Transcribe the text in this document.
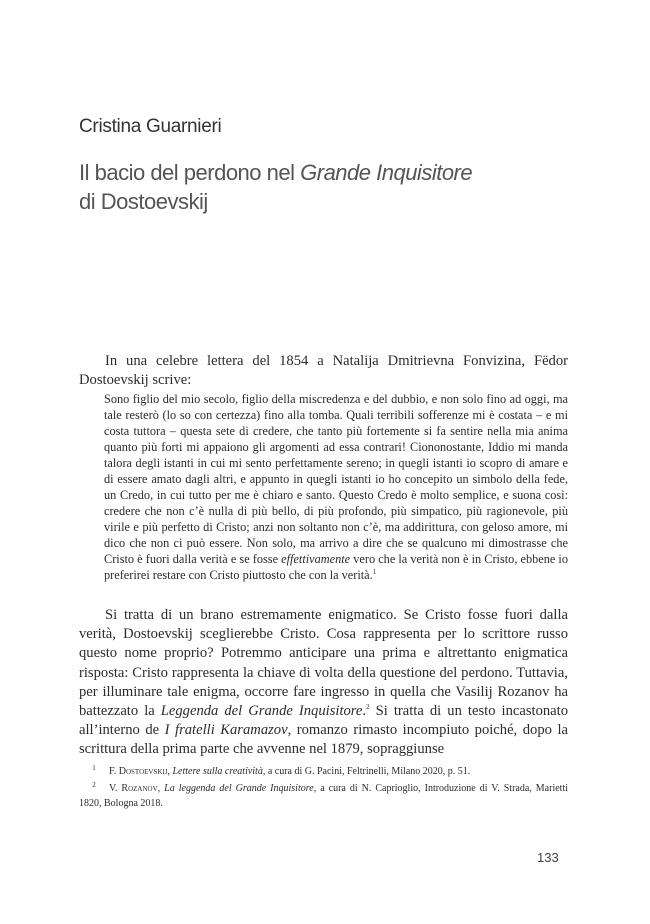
Cristina Guarnieri
Il bacio del perdono nel Grande Inquisitore
di Dostoevskij

In una celebre lettera del 1854 a Natalija Dmitrievna Fonvizina, Fëdor Dostoevskij scrive:

Sono figlio del mio secolo, figlio della miscredenza e del dubbio, e non solo fino ad oggi, ma tale resterò (lo so con certezza) fino alla tomba. Quali terribili sofferenze mi è costata – e mi costa tuttora – questa sete di credere, che tanto più fortemente si fa sentire nella mia anima quanto più forti mi appaiono gli argomenti ad essa contrari! Ciononostante, Iddio mi manda talora degli istanti in cui mi sento perfettamente sereno; in quegli istanti io scopro di amare e di essere amato dagli altri, e appunto in quegli istanti io ho concepito un simbolo della fede, un Credo, in cui tutto per me è chiaro e santo. Questo Credo è molto semplice, e suona così: credere che non c’è nulla di più bello, di più profondo, più simpatico, più ragionevole, più virile e più perfetto di Cristo; anzi non soltanto non c’è, ma addirittura, con geloso amore, mi dico che non ci può essere. Non solo, ma arrivo a dire che se qualcuno mi dimostrasse che Cristo è fuori dalla verità e se fosse effettivamente vero che la verità non è in Cristo, ebbene io preferirei restare con Cristo piuttosto che con la verità.$^1$

Si tratta di un brano estremamente enigmatico. Se Cristo fosse fuori dalla verità, Dostoevskij sceglierebbe Cristo. Cosa rappresenta per lo scrittore russo questo nome proprio? Potremmo anticipare una prima e altrettanto enigmatica risposta: Cristo rappresenta la chiave di volta della questione del perdono. Tuttavia, per illuminare tale enigma, occorre fare ingresso in quella che Vasilij Rozanov ha battezzato la Leggenda del Grande Inquisitore.$^2$ Si tratta di un testo incastonato all’interno de I fratelli Karamazov, romanzo rimasto incompiuto poiché, dopo la scrittura della prima parte che avvenne nel 1879, sopraggiunse

1 F. Dostoevskij, Lettere sulla creatività, a cura di G. Pacini, Feltrinelli, Milano 2020, p. 51.

2 V. Rozanov, La leggenda del Grande Inquisitore, a cura di N. Caprioglio, Introduzione di V. Strada, Marietti 1820, Bologna 2018.

133
